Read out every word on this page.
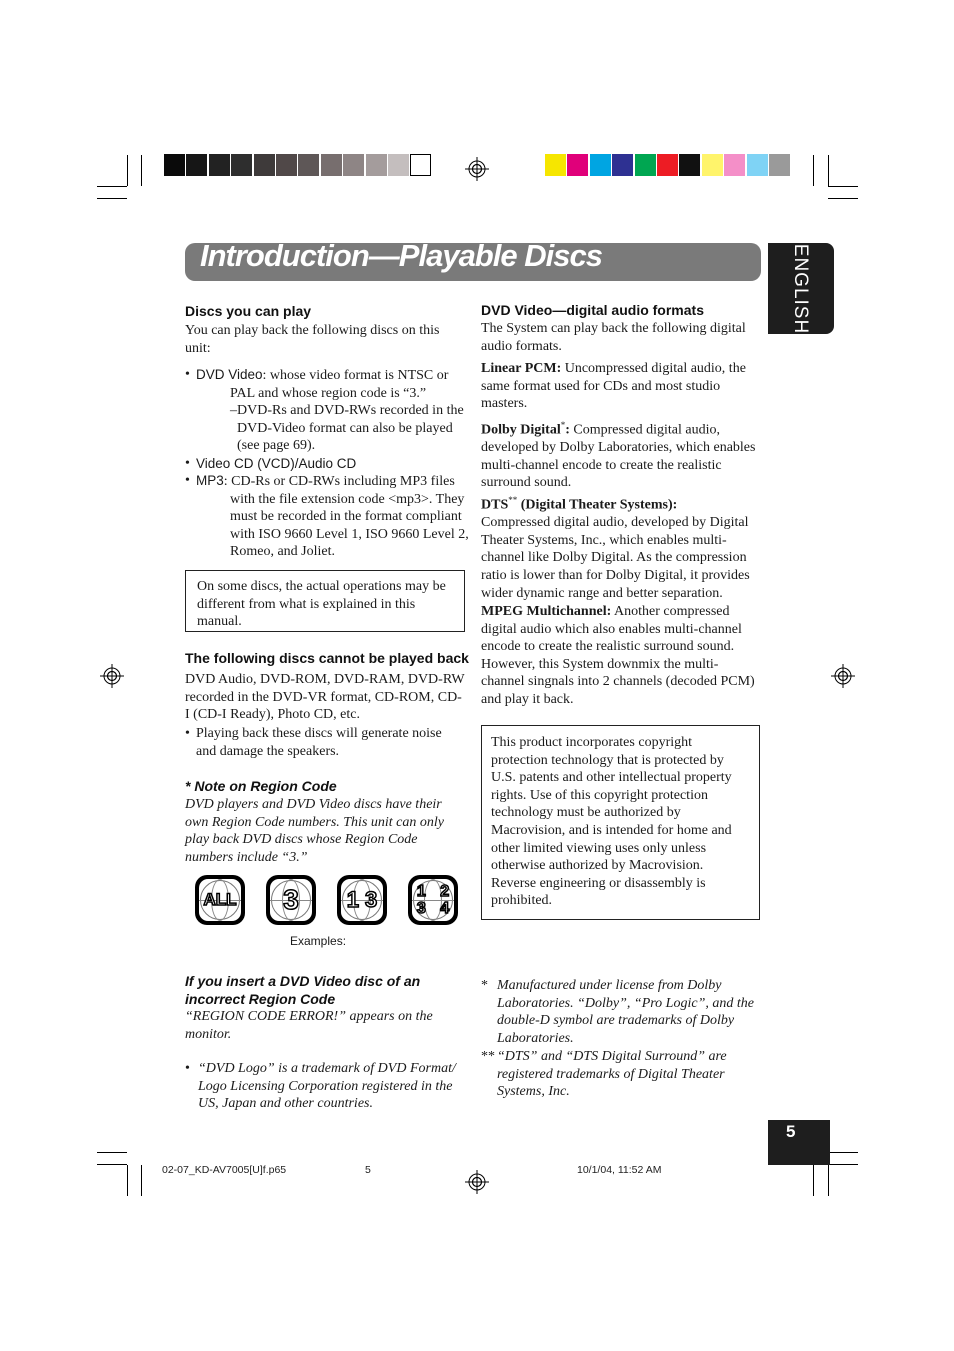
Introduction—Playable Discs	ENGLISH
Discs you can play
You can play back the following discs on this unit:
• DVD Video: whose video format is NTSC or PAL and whose region code is “3.”
–DVD-Rs and DVD-RWs recorded in the DVD-Video format can also be played (see page 69).
• Video CD (VCD)/Audio CD
• MP3: CD-Rs or CD-RWs including MP3 files with the file extension code <mp3>. They must be recorded in the format compliant with ISO 9660 Level 1, ISO 9660 Level 2, Romeo, and Joliet.
On some discs, the actual operations may be different from what is explained in this manual.
The following discs cannot be played back
DVD Audio, DVD-ROM, DVD-RAM, DVD-RW recorded in the DVD-VR format, CD-ROM, CD-I (CD-I Ready), Photo CD, etc.
• Playing back these discs will generate noise and damage the speakers.
* Note on Region Code
DVD players and DVD Video discs have their own Region Code numbers. This unit can only play back DVD discs whose Region Code numbers include “3.”
ALL	3	1 3	1 2 3 4
Examples:
If you insert a DVD Video disc of an incorrect Region Code
“REGION CODE ERROR!” appears on the monitor.
• “DVD Logo” is a trademark of DVD Format/ Logo Licensing Corporation registered in the US, Japan and other countries.
DVD Video—digital audio formats
The System can play back the following digital audio formats.
Linear PCM: Uncompressed digital audio, the same format used for CDs and most studio masters.
Dolby Digital*: Compressed digital audio, developed by Dolby Laboratories, which enables multi-channel encode to create the realistic surround sound.
DTS** (Digital Theater Systems):
Compressed digital audio, developed by Digital Theater Systems, Inc., which enables multi-channel like Dolby Digital. As the compression ratio is lower than for Dolby Digital, it provides wider dynamic range and better separation.
MPEG Multichannel: Another compressed digital audio which also enables multi-channel encode to create the realistic surround sound. However, this System downmix the multi-channel singnals into 2 channels (decoded PCM) and play it back.
This product incorporates copyright protection technology that is protected by U.S. patents and other intellectual property rights. Use of this copyright protection technology must be authorized by Macrovision, and is intended for home and other limited viewing uses only unless otherwise authorized by Macrovision. Reverse engineering or disassembly is prohibited.
* Manufactured under license from Dolby Laboratories. “Dolby”, “Pro Logic”, and the double-D symbol are trademarks of Dolby Laboratories.
** “DTS” and “DTS Digital Surround” are registered trademarks of Digital Theater Systems, Inc.
5
02-07_KD-AV7005[U]f.p65	5	10/1/04, 11:52 AM
